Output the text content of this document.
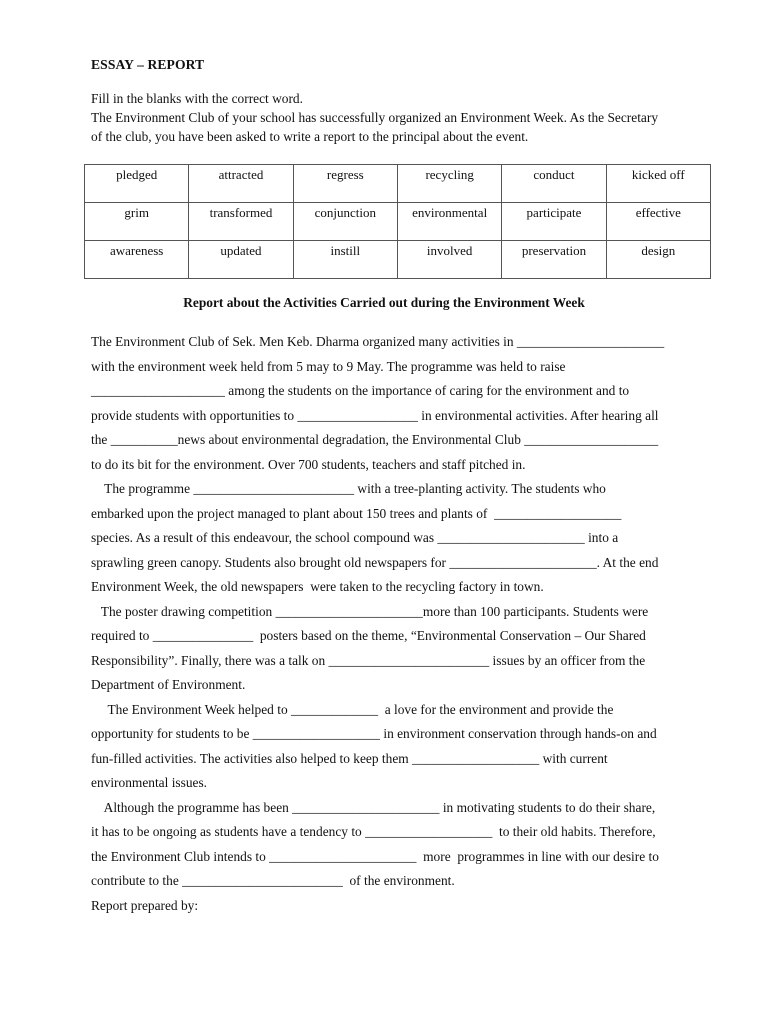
ESSAY – REPORT

Fill in the blanks with the correct word.

The Environment Club of your school has successfully organized an Environment Week. As the Secretary

of the club, you have been asked to write a report to the principal about the event.

pledged	attracted	regress	recycling	conduct	kicked off
grim	transformed	conjunction	environmental	participate	effective
awareness	updated	instill	involved	preservation	design
Report about the Activities Carried out during the Environment Week
The Environment Club of Sek. Men Keb. Dharma organized many activities in ______________________
with the environment week held from 5 may to 9 May. The programme was held to raise
____________________ among the students on the importance of caring for the environment and to
provide students with opportunities to __________________ in environmental activities. After hearing all
the __________news about environmental degradation, the Environmental Club ____________________
to do its bit for the environment. Over 700 students, teachers and staff pitched in.
The programme ________________________ with a tree-planting activity. The students who
embarked upon the project managed to plant about 150 trees and plants of  ___________________
species. As a result of this endeavour, the school compound was ______________________ into a
sprawling green canopy. Students also brought old newspapers for ______________________. At the end
Environment Week, the old newspapers  were taken to the recycling factory in town.
The poster drawing competition ______________________more than 100 participants. Students were
required to _______________  posters based on the theme, “Environmental Conservation – Our Shared
Responsibility”. Finally, there was a talk on ________________________ issues by an officer from the
Department of Environment.
The Environment Week helped to _____________  a love for the environment and provide the
opportunity for students to be ___________________ in environment conservation through hands-on and
fun-filled activities. The activities also helped to keep them ___________________ with current
environmental issues.
Although the programme has been ______________________ in motivating students to do their share,
it has to be ongoing as students have a tendency to ___________________  to their old habits. Therefore,
the Environment Club intends to ______________________  more  programmes in line with our desire to
contribute to the ________________________  of the environment.
Report prepared by:
